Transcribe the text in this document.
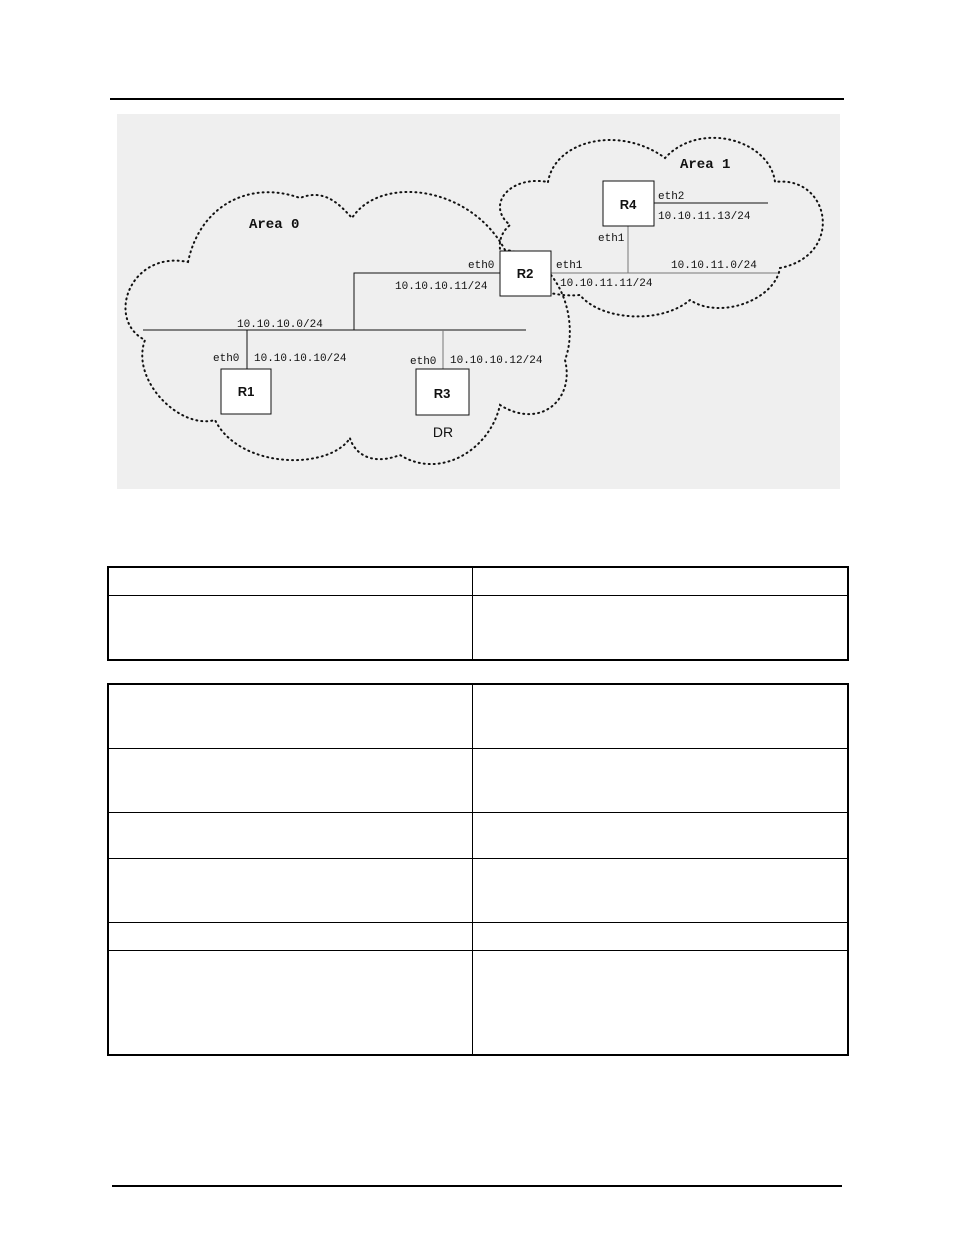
Area 0
Area 1
10.10.10.0/24
10.10.11.0/24
eth0 10.10.10.10/24	eth0 10.10.10.12/24
eth0
10.10.10.11/24
eth1
10.10.11.11/24
eth1
eth2
10.10.11.13/24
R1
R2
R3
DR
R4
